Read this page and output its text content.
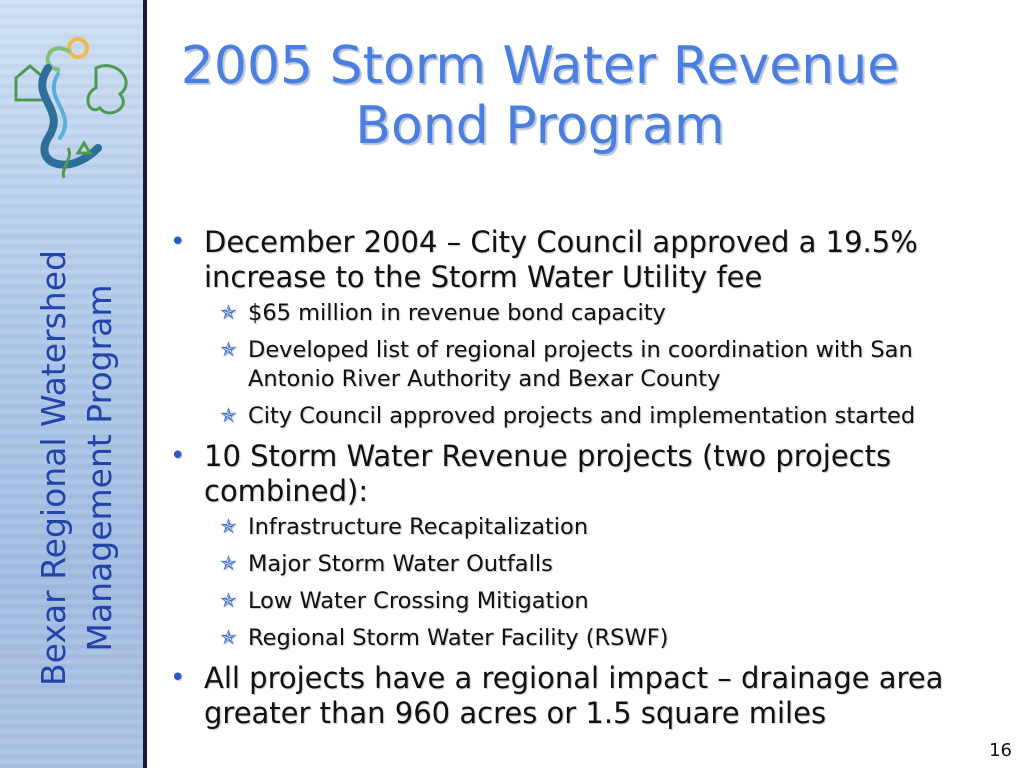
Bexar Regional Watershed Management Program
2005 Storm Water Revenue
Bond Program
• December 2004 – City Council approved a 19.5% increase to the Storm Water Utility fee
✯ $65 million in revenue bond capacity
✯ Developed list of regional projects in coordination with San Antonio River Authority and Bexar County
✯ City Council approved projects and implementation started
• 10 Storm Water Revenue projects (two projects combined):
✯ Infrastructure Recapitalization
✯ Major Storm Water Outfalls
✯ Low Water Crossing Mitigation
✯ Regional Storm Water Facility (RSWF)
• All projects have a regional impact – drainage area greater than 960 acres or 1.5 square miles
16
